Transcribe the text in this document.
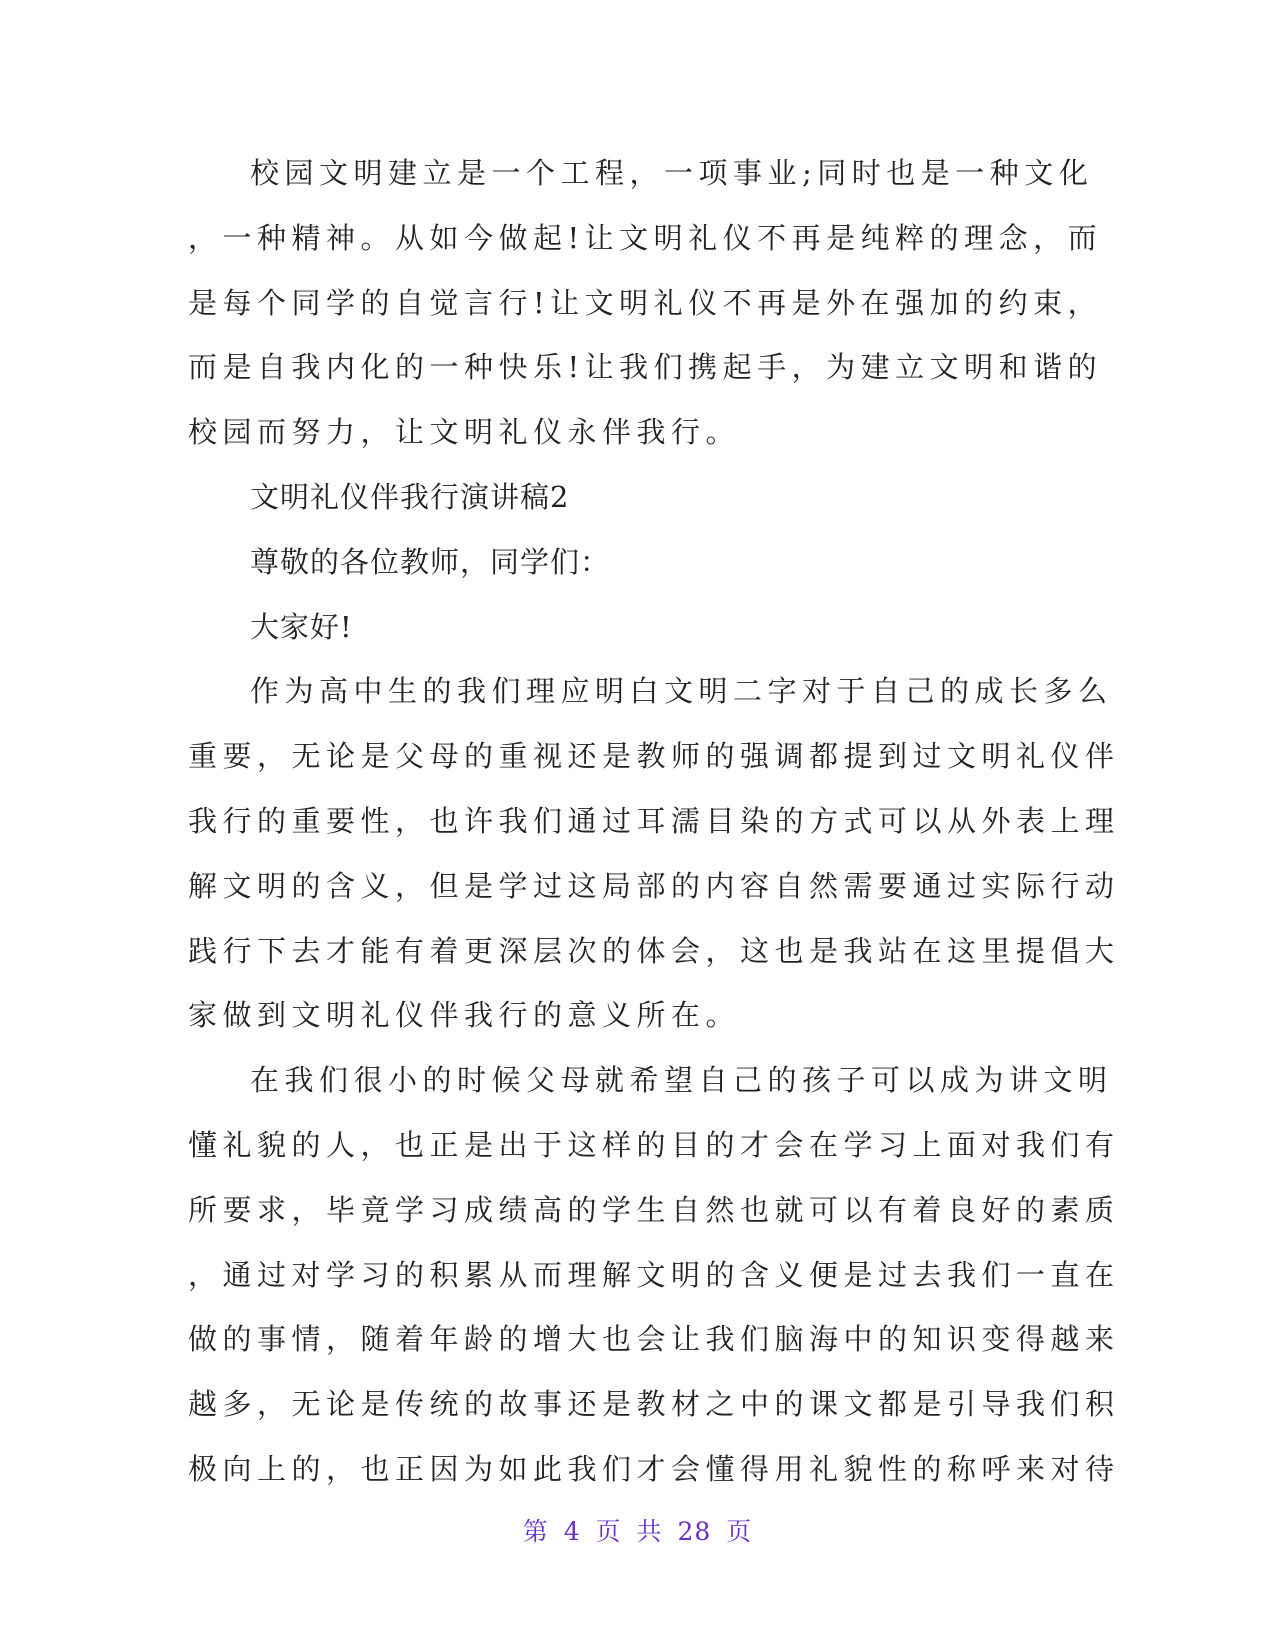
校园文明建立是一个工程，一项事业;同时也是一种文化
，一种精神。从如今做起!让文明礼仪不再是纯粹的理念，而
是每个同学的自觉言行!让文明礼仪不再是外在强加的约束，
而是自我内化的一种快乐!让我们携起手，为建立文明和谐的
校园而努力，让文明礼仪永伴我行。
文明礼仪伴我行演讲稿2
尊敬的各位教师，同学们：
大家好!
作为高中生的我们理应明白文明二字对于自己的成长多么
重要，无论是父母的重视还是教师的强调都提到过文明礼仪伴
我行的重要性，也许我们通过耳濡目染的方式可以从外表上理
解文明的含义，但是学过这局部的内容自然需要通过实际行动
践行下去才能有着更深层次的体会，这也是我站在这里提倡大
家做到文明礼仪伴我行的意义所在。
在我们很小的时候父母就希望自己的孩子可以成为讲文明
懂礼貌的人，也正是出于这样的目的才会在学习上面对我们有
所要求，毕竟学习成绩高的学生自然也就可以有着良好的素质
，通过对学习的积累从而理解文明的含义便是过去我们一直在
做的事情，随着年龄的增大也会让我们脑海中的知识变得越来
越多，无论是传统的故事还是教材之中的课文都是引导我们积
极向上的，也正因为如此我们才会懂得用礼貌性的称呼来对待
第 4 页 共 28 页
